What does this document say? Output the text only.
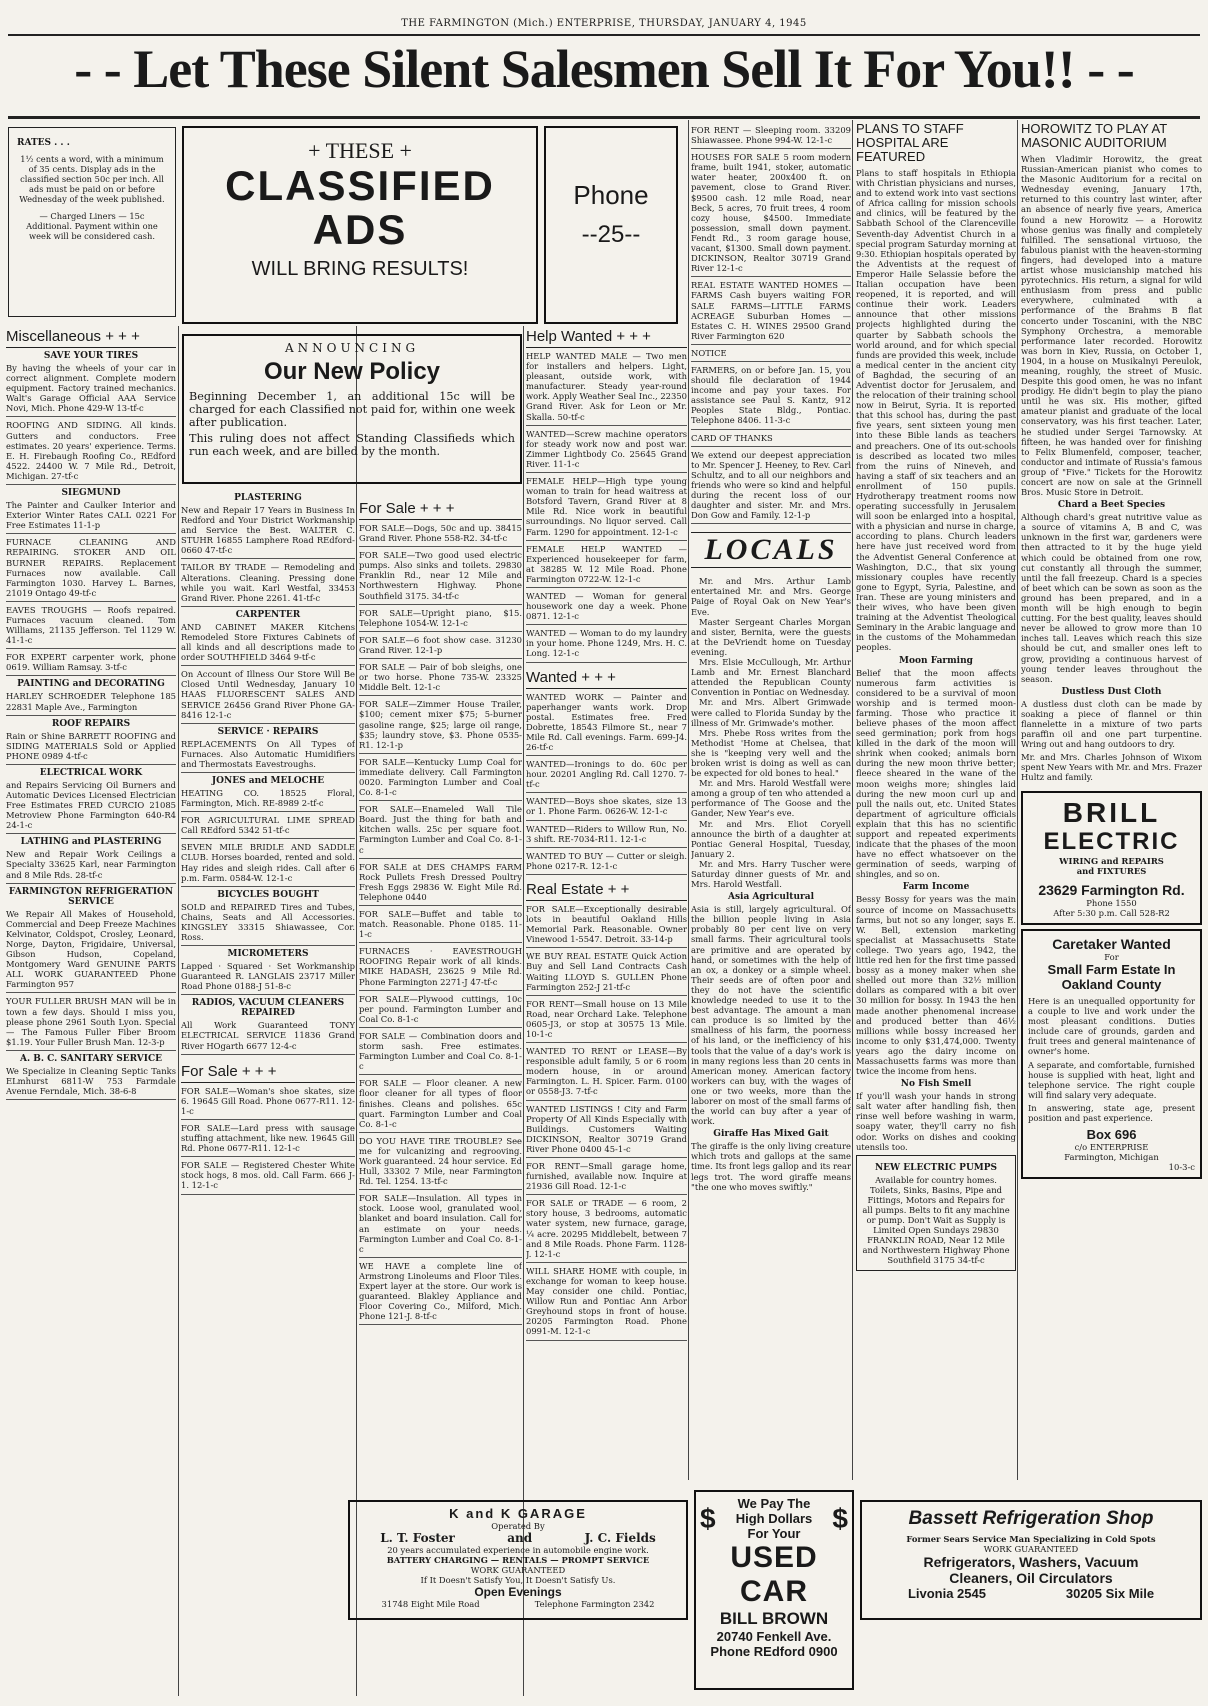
THE FARMINGTON (Mich.) ENTERPRISE, THURSDAY, JANUARY 4, 1945
- - Let These Silent Salesmen Sell It For You!! - -
RATES . . .

1½ cents a word, with a minimum of 35 cents. Display ads in the classified section 50c per inch. All ads must be paid on or before Wednesday of the week published.

— Charged Liners — 15c Additional. Payment within one week will be considered cash.

+ THESE +
CLASSIFIED
ADS
WILL BRING RESULTS!
Phone
--25--
Miscellaneous + + +
SAVE YOUR TIRES

By having the wheels of your car in correct alignment. Complete modern equipment. Factory trained mechanics. Walt's Garage Official AAA Service Novi, Mich. Phone 429-W 13-tf-c

ROOFING AND SIDING. All kinds. Gutters and conductors. Free estimates. 20 years' experience. Terms. E. H. Firebaugh Roofing Co., REdford 4522. 24400 W. 7 Mile Rd., Detroit, Michigan. 27-tf-c

SIEGMUND

The Painter and Caulker Interior and Exterior Winter Rates CALL 0221 For Free Estimates 11-1-p

FURNACE CLEANING AND REPAIRING. STOKER AND OIL BURNER REPAIRS. Replacement Furnaces now available. Call Farmington 1030. Harvey L. Barnes, 21019 Ontago 49-tf-c

EAVES TROUGHS — Roofs repaired. Furnaces vacuum cleaned. Tom Williams, 21135 Jefferson. Tel 1129 W. 41-1-c

FOR EXPERT carpenter work, phone 0619. William Ramsay. 3-tf-c

PAINTING and DECORATING

HARLEY SCHROEDER Telephone 185 22831 Maple Ave., Farmington

ROOF REPAIRS

Rain or Shine BARRETT ROOFING and SIDING MATERIALS Sold or Applied PHONE 0989 4-tf-c

ELECTRICAL WORK

and Repairs Servicing Oil Burners and Automatic Devices Licensed Electrician Free Estimates FRED CURCIO 21085 Metroview Phone Farmington 640-R4 24-1-c

LATHING and PLASTERING

New and Repair Work Ceilings a Specialty 33625 Karl, near Farmington and 8 Mile Rds. 28-tf-c

FARMINGTON REFRIGERATION SERVICE

We Repair All Makes of Household, Commercial and Deep Freeze Machines Kelvinator, Coldspot, Crosley, Leonard, Norge, Dayton, Frigidaire, Universal, Gibson Hudson, Copeland, Montgomery Ward GENUINE PARTS ALL WORK GUARANTEED Phone Farmington 957

YOUR FULLER BRUSH MAN will be in town a few days. Should I miss you, please phone 2961 South Lyon. Special — The Famous Fuller Fiber Broom $1.19. Your Fuller Brush Man. 12-3-p

A. B. C. SANITARY SERVICE

We Specialize in Cleaning Septic Tanks ELmhurst 6811-W 753 Farmdale Avenue Ferndale, Mich. 38-6-8

ANNOUNCING
Our New Policy

Beginning December 1, an additional 15c will be charged for each Classified not paid for, within one week after publication.

This ruling does not affect Standing Classifieds which run each week, and are billed by the month.

PLASTERING

New and Repair 17 Years in Business In Redford and Your District Workmanship and Service the Best. WALTER C. STUHR 16855 Lamphere Road REdford-0660 47-tf-c

TAILOR BY TRADE — Remodeling and Alterations. Cleaning. Pressing done while you wait. Karl Westfal, 33453 Grand River. Phone 2261. 41-tf-c

CARPENTER

AND CABINET MAKER Kitchens Remodeled Store Fixtures Cabinets of all kinds and all descriptions made to order SOUTHFIELD 3464 9-tf-c

On Account of Illness Our Store Will Be Closed Until Wednesday, January 10 HAAS FLUORESCENT SALES AND SERVICE 26456 Grand River Phone GA-8416 12-1-c

SERVICE · REPAIRS

REPLACEMENTS On All Types of Furnaces. Also Automatic Humidifiers and Thermostats Eavestroughs.

JONES and MELOCHE

HEATING CO. 18525 Floral, Farmington, Mich. RE-8989 2-tf-c

FOR AGRICULTURAL LIME SPREAD Call REdford 5342 51-tf-c

SEVEN MILE BRIDLE AND SADDLE CLUB. Horses boarded, rented and sold. Hay rides and sleigh rides. Call after 6 p.m. Farm. 0584-W. 12-1-c

BICYCLES BOUGHT

SOLD and REPAIRED Tires and Tubes, Chains, Seats and All Accessories. KINGSLEY 33315 Shiawassee, Cor. Ross.

MICROMETERS

Lapped · Squared · Set Workmanship Guaranteed R. LANGLAIS 23717 Miller Road Phone 0188-J 51-8-c

RADIOS, VACUUM CLEANERS REPAIRED

All Work Guaranteed TONY ELECTRICAL SERVICE 11836 Grand River HOgarth 6677 12-4-c

For Sale + + +

FOR SALE—Woman's shoe skates, size 6. 19645 Gill Road. Phone 0677-R11. 12-1-c

FOR SALE—Lard press with sausage stuffing attachment, like new. 19645 Gill Rd. Phone 0677-R11. 12-1-c

FOR SALE — Registered Chester White stock hogs, 8 mos. old. Call Farm. 666 J-1. 12-1-c

For Sale + + +

FOR SALE—Dogs, 50c and up. 38415 Grand River. Phone 558-R2. 34-tf-c

FOR SALE—Two good used electric pumps. Also sinks and toilets. 29830 Franklin Rd., near 12 Mile and Northwestern Highway. Phone Southfield 3175. 34-tf-c

FOR SALE—Upright piano, $15. Telephone 1054-W. 12-1-c

FOR SALE—6 foot show case. 31230 Grand River. 12-1-p

FOR SALE — Pair of bob sleighs, one or two horse. Phone 735-W. 23325 Middle Belt. 12-1-c

FOR SALE—Zimmer House Trailer, $100; cement mixer $75; 5-burner gasoline range, $25; large oil range, $35; laundry stove, $3. Phone 0535-R1. 12-1-p

FOR SALE—Kentucky Lump Coal for immediate delivery. Call Farmington 0020. Farmington Lumber and Coal Co. 8-1-c

FOR SALE—Enameled Wall Tile Board. Just the thing for bath and kitchen walls. 25c per square foot. Farmington Lumber and Coal Co. 8-1-c

FOR SALE at DES CHAMPS FARM Rock Pullets Fresh Dressed Poultry Fresh Eggs 29836 W. Eight Mile Rd. Telephone 0440

FOR SALE—Buffet and table to match. Reasonable. Phone 0185. 11-1-c

FURNACES · EAVESTROUGH ROOFING Repair work of all kinds. MIKE HADASH, 23625 9 Mile Rd. Phone Farmington 2271-J 47-tf-c

FOR SALE—Plywood cuttings, 10c per pound. Farmington Lumber and Coal Co. 8-1-c

FOR SALE — Combination doors and storm sash. Free estimates. Farmington Lumber and Coal Co. 8-1-c

FOR SALE — Floor cleaner. A new floor cleaner for all types of floor finishes. Cleans and polishes. 65c quart. Farmington Lumber and Coal Co. 8-1-c

DO YOU HAVE TIRE TROUBLE? See me for vulcanizing and regrooving. Work guaranteed. 24 hour service. Ed Hull, 33302 7 Mile, near Farmington Rd. Tel. 1254. 13-tf-c

FOR SALE—Insulation. All types in stock. Loose wool, granulated wool, blanket and board insulation. Call for an estimate on your needs. Farmington Lumber and Coal Co. 8-1-c

WE HAVE a complete line of Armstrong Linoleums and Floor Tiles. Expert layer at the store. Our work is guaranteed. Blakley Appliance and Floor Covering Co., Milford, Mich. Phone 121-J. 8-tf-c

Help Wanted + + +

HELP WANTED MALE — Two men for installers and helpers. Light, pleasant, outside work, with manufacturer. Steady year-round work. Apply Weather Seal Inc., 22350 Grand River. Ask for Leon or Mr. Skalla. 50-tf-c

WANTED—Screw machine operators for steady work now and post war. Zimmer Lightbody Co. 25645 Grand River. 11-1-c

FEMALE HELP—High type young woman to train for head waitress at Botsford Tavern, Grand River at 8 Mile Rd. Nice work in beautiful surroundings. No liquor served. Call Farm. 1290 for appointment. 12-1-c

FEMALE HELP WANTED — Experienced housekeeper for farm, at 38285 W. 12 Mile Road. Phone Farmington 0722-W. 12-1-c

WANTED — Woman for general housework one day a week. Phone 0871. 12-1-c

WANTED — Woman to do my laundry in your home. Phone 1249, Mrs. H. C. Long. 12-1-c

Wanted + + +

WANTED WORK — Painter and paperhanger wants work. Drop postal. Estimates free. Fred Dobrette, 18543 Filmore St., near 7 Mile Rd. Call evenings. Farm. 699-J4. 26-tf-c

WANTED—Ironings to do. 60c per hour. 20201 Angling Rd. Call 1270. 7-tf-c

WANTED—Boys shoe skates, size 13 or 1. Phone Farm. 0626-W. 12-1-c

WANTED—Riders to Willow Run, No. 3 shift. RE-7034-R11. 12-1-c

WANTED TO BUY — Cutter or sleigh. Phone 0217-R. 12-1-c

Real Estate + +

FOR SALE—Exceptionally desirable lots in beautiful Oakland Hills Memorial Park. Reasonable. Owner Vinewood 1-5547. Detroit. 33-14-p

WE BUY REAL ESTATE Quick Action Buy and Sell Land Contracts Cash Waiting LLOYD S. GULLEN Phone Farmington 252-J 21-tf-c

FOR RENT—Small house on 13 Mile Road, near Orchard Lake. Telephone 0605-J3, or stop at 30575 13 Mile. 10-1-c

WANTED TO RENT or LEASE—By responsible adult family, 5 or 6 room modern house, in or around Farmington. L. H. Spicer. Farm. 0100 or 0558-J3. 7-tf-c

WANTED LISTINGS ! City and Farm Property Of All Kinds Especially with Buildings. Customers Waiting DICKINSON, Realtor 30719 Grand River Phone 0400 45-1-c

FOR RENT—Small garage home, furnished, available now. Inquire at 21936 Gill Road. 12-1-c

FOR SALE or TRADE — 6 room, 2 story house, 3 bedrooms, automatic water system, new furnace, garage, ¼ acre. 20295 Middlebelt, between 7 and 8 Mile Roads. Phone Farm. 1128-J. 12-1-c

WILL SHARE HOME with couple, in exchange for woman to keep house. May consider one child. Pontiac, Willow Run and Pontiac Ann Arbor Greyhound stops in front of house. 20205 Farmington Road. Phone 0991-M. 12-1-c

FOR RENT — Sleeping room. 33209 Shiawassee. Phone 994-W. 12-1-c

HOUSES FOR SALE 5 room modern frame, built 1941, stoker, automatic water heater, 200x400 ft. on pavement, close to Grand River. $9500 cash. 12 mile Road, near Beck, 5 acres, 70 fruit trees, 4 room cozy house, $4500. Immediate possession, small down payment. Fendt Rd., 3 room garage house, vacant, $1300. Small down payment. DICKINSON, Realtor 30719 Grand River 12-1-c

REAL ESTATE WANTED HOMES — FARMS Cash buyers waiting FOR SALE FARMS—LITTLE FARMS ACREAGE Suburban Homes — Estates C. H. WINES 29500 Grand River Farmington 620

NOTICE

FARMERS, on or before Jan. 15, you should file declaration of 1944 income and pay your taxes. For assistance see Paul S. Kantz, 912 Peoples State Bldg., Pontiac. Telephone 8406. 11-3-c

CARD OF THANKS

We extend our deepest appreciation to Mr. Spencer J. Heeney, to Rev. Carl Schultz, and to all our neighbors and friends who were so kind and helpful during the recent loss of our daughter and sister. Mr. and Mrs. Don Gow and Family. 12-1-p

LOCALS

Mr. and Mrs. Arthur Lamb entertained Mr. and Mrs. George Paige of Royal Oak on New Year's Eve.

Master Sergeant Charles Morgan and sister, Bernita, were the guests at the DeVriendt home on Tuesday evening.

Mrs. Elsie McCullough, Mr. Arthur Lamb and Mr. Ernest Blanchard attended the Republican County Convention in Pontiac on Wednesday.

Mr. and Mrs. Albert Grimwade were called to Florida Sunday by the illness of Mr. Grimwade's mother.

Mrs. Phebe Ross writes from the Methodist 'Home at Chelsea, that she is "keeping very well and the broken wrist is doing as well as can be expected for old bones to heal."

Mr. and Mrs. Harold Westfall were among a group of ten who attended a performance of The Goose and the Gander, New Year's eve.

Mr. and Mrs. Eliot Coryell announce the birth of a daughter at Pontiac General Hospital, Tuesday, January 2.

Mr. and Mrs. Harry Tuscher were Saturday dinner guests of Mr. and Mrs. Harold Westfall.

Asia Agricultural

Asia is still, largely agricultural. Of the billion people living in Asia probably 80 per cent live on very small farms. Their agricultural tools are primitive and are operated by hand, or sometimes with the help of an ox, a donkey or a simple wheel. Their seeds are of often poor and they do not have the scientific knowledge needed to use it to the best advantage. The amount a man can produce is so limited by the smallness of his farm, the poorness of his land, or the inefficiency of his tools that the value of a day's work is in many regions less than 20 cents in American money. American factory workers can buy, with the wages of one or two weeks, more than the laborer on most of the small farms of the world can buy after a year of work.

Giraffe Has Mixed Gait

The giraffe is the only living creature which trots and gallops at the same time. Its front legs gallop and its rear legs trot. The word giraffe means "the one who moves swiftly."

PLANS TO STAFF HOSPITAL ARE FEATURED

Plans to staff hospitals in Ethiopia with Christian physicians and nurses, and to extend work into vast sections of Africa calling for mission schools and clinics, will be featured by the Sabbath School of the Clarenceville Seventh-day Adventist Church in a special program Saturday morning at 9:30. Ethiopian hospitals operated by the Adventists at the request of Emperor Haile Selassie before the Italian occupation have been reopened, it is reported, and will continue their work. Leaders announce that other missions projects highlighted during the quarter by Sabbath schools the world around, and for which special funds are provided this week, include a medical center in the ancient city of Baghdad, the securing of an Adventist doctor for Jerusalem, and the relocation of their training school now in Beirut, Syria. It is reported that this school has, during the past five years, sent sixteen young men into these Bible lands as teachers and preachers. One of its out-schools is described as located two miles from the ruins of Nineveh, and having a staff of six teachers and an enrollment of 150 pupils. Hydrotherapy treatment rooms now operating successfully in Jerusalem will soon be enlarged into a hospital, with a physician and nurse in charge, according to plans. Church leaders here have just received word from the Adventist General Conference at Washington, D.C., that six young missionary couples have recently gone to Egypt, Syria, Palestine, and Iran. These are young ministers and their wives, who have been given training at the Adventist Theological Seminary in the Arabic language and in the customs of the Mohammedan peoples.

Moon Farming

Belief that the moon affects numerous farm activities is considered to be a survival of moon worship and is termed moon-farming. Those who practice it believe phases of the moon affect seed germination; pork from hogs killed in the dark of the moon will shrink when cooked; animals born during the new moon thrive better; fleece sheared in the wane of the moon weighs more; shingles laid during the new moon curl up and pull the nails out, etc. United States department of agriculture officials explain that this has no scientific support and repeated experiments indicate that the phases of the moon have no effect whatsoever on the germination of seeds, warping of shingles, and so on.

Farm Income

Bessy Bossy for years was the main source of income on Massachusetts farms, but not so any longer, says E. W. Bell, extension marketing specialist at Massachusetts State college. Two years ago, 1942, the little red hen for the first time passed bossy as a money maker when she shelled out more than 32½ million dollars as compared with a bit over 30 million for bossy. In 1943 the hen made another phenomenal increase and produced better than 46½ millions while bossy increased her income to only $31,474,000. Twenty years ago the dairy income on Massachusetts farms was more than twice the income from hens.

No Fish Smell

If you'll wash your hands in strong salt water after handling fish, then rinse well before washing in warm, soapy water, they'll carry no fish odor. Works on dishes and cooking utensils too.

NEW ELECTRIC PUMPS

Available for country homes. Toilets, Sinks, Basins, Pipe and Fittings, Motors and Repairs for all pumps. Belts to fit any machine or pump. Don't Wait as Supply is Limited Open Sundays 29830 FRANKLIN ROAD, Near 12 Mile and Northwestern Highway Phone Southfield 3175 34-tf-c

HOROWITZ TO PLAY AT MASONIC AUDITORIUM

When Vladimir Horowitz, the great Russian-American pianist who comes to the Masonic Auditorium for a recital on Wednesday evening, January 17th, returned to this country last winter, after an absence of nearly five years, America found a new Horowitz — a Horowitz whose genius was finally and completely fulfilled. The sensational virtuoso, the fabulous pianist with the heaven-storming fingers, had developed into a mature artist whose musicianship matched his pyrotechnics. His return, a signal for wild enthusiasm from press and public everywhere, culminated with a performance of the Brahms B flat concerto under Toscanini, with the NBC Symphony Orchestra, a memorable performance later recorded. Horowitz was born in Kiev, Russia, on October 1, 1904, in a house on Musikalnyi Pereulok, meaning, roughly, the street of Music. Despite this good omen, he was no infant prodigy. He didn't begin to play the piano until he was six. His mother, gifted amateur pianist and graduate of the local conservatory, was his first teacher. Later, he studied under Sergei Tarnowsky. At fifteen, he was handed over for finishing to Felix Blumenfeld, composer, teacher, conductor and intimate of Russia's famous group of "Five." Tickets for the Horowitz concert are now on sale at the Grinnell Bros. Music Store in Detroit.

Chard a Beet Species

Although chard's great nutritive value as a source of vitamins A, B and C, was unknown in the first war, gardeners were then attracted to it by the huge yield which could be obtained from one row, cut constantly all through the summer, until the fall freezeup. Chard is a species of beet which can be sown as soon as the ground has been prepared, and in a month will be high enough to begin cutting. For the best quality, leaves should never be allowed to grow more than 10 inches tall. Leaves which reach this size should be cut, and smaller ones left to grow, providing a continuous harvest of young tender leaves throughout the season.

Dustless Dust Cloth

A dustless dust cloth can be made by soaking a piece of flannel or thin flannelette in a mixture of two parts paraffin oil and one part turpentine. Wring out and hang outdoors to dry.

Mr. and Mrs. Charles Johnson of Wixom spent New Years with Mr. and Mrs. Frazer Hultz and family.

BRILL
ELECTRIC
WIRING and REPAIRS
and FIXTURES
23629 Farmington Rd.
Phone 1550
After 5:30 p.m. Call 528-R2
Caretaker Wanted
For
Small Farm Estate In Oakland County

Here is an unequalled opportunity for a couple to live and work under the most pleasant conditions. Duties include care of grounds, garden and fruit trees and general maintenance of owner's home.

A separate, and comfortable, furnished house is supplied with heat, light and telephone service. The right couple will find salary very adequate.

In answering, state age, present position and past experience.

Box 696
c/o ENTERPRISE
Farmington, Michigan
10-3-c
K and K GARAGE
Operated By
L. T. Foster	and	J. C. Fields
20 years accumulated experience in automobile engine work.
BATTERY CHARGING — RENTALS — PROMPT SERVICE
WORK GUARANTEED
If It Doesn't Satisfy You, It Doesn't Satisfy Us.
Open Evenings
31748 Eight Mile Road	Telephone Farmington 2342
$	We Pay The
High Dollars
For Your	$
USED CAR
BILL BROWN
20740 Fenkell Ave.
Phone REdford 0900
Bassett Refrigeration Shop
Former Sears Service Man Specializing in Cold Spots
WORK GUARANTEED
Refrigerators, Washers, Vacuum
Cleaners, Oil Circulators
Livonia 2545	30205 Six Mile
